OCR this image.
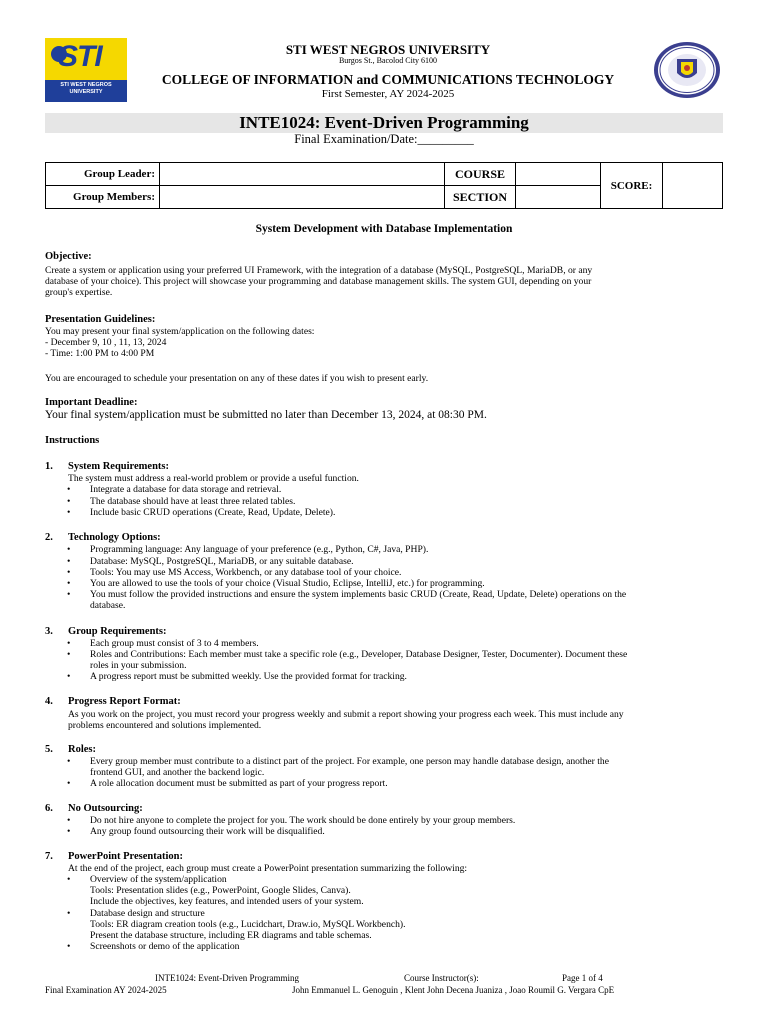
STI
STI WEST NEGROS UNIVERSITY
STI WEST NEGROS UNIVERSITY
Burgos St., Bacolod City 6100
COLLEGE OF INFORMATION and COMMUNICATIONS TECHNOLOGY
First Semester, AY 2024-2025
INTE1024: Event-Driven Programming
Final Examination/Date:_________
Group Leader:		COURSE		SCORE:	
Group Members:		SECTION			
System Development with Database Implementation
Objective:
Create a system or application using your preferred UI Framework, with the integration of a database (MySQL, PostgreSQL, MariaDB, or any
database of your choice). This project will showcase your programming and database management skills. The system GUI, depending on your
group's expertise.
Presentation Guidelines:
You may present your final system/application on the following dates:
- December 9, 10 , 11, 13, 2024
- Time: 1:00 PM to 4:00 PM
You are encouraged to schedule your presentation on any of these dates if you wish to present early.
Important Deadline:
Your final system/application must be submitted no later than December 13, 2024, at 08:30 PM.
Instructions
1. System Requirements:
The system must address a real-world problem or provide a useful function.
• Integrate a database for data storage and retrieval.
• The database should have at least three related tables.
• Include basic CRUD operations (Create, Read, Update, Delete).
2. Technology Options:
• Programming language: Any language of your preference (e.g., Python, C#, Java, PHP).
• Database: MySQL, PostgreSQL, MariaDB, or any suitable database.
• Tools: You may use MS Access, Workbench, or any database tool of your choice.
• You are allowed to use the tools of your choice (Visual Studio, Eclipse, IntelliJ, etc.) for programming.
• You must follow the provided instructions and ensure the system implements basic CRUD (Create, Read, Update, Delete) operations on the
database.
3. Group Requirements:
• Each group must consist of 3 to 4 members.
• Roles and Contributions: Each member must take a specific role (e.g., Developer, Database Designer, Tester, Documenter). Document these
roles in your submission.
• A progress report must be submitted weekly. Use the provided format for tracking.
4. Progress Report Format:
As you work on the project, you must record your progress weekly and submit a report showing your progress each week. This must include any
problems encountered and solutions implemented.
5. Roles:
• Every group member must contribute to a distinct part of the project. For example, one person may handle database design, another the
frontend GUI, and another the backend logic.
• A role allocation document must be submitted as part of your progress report.
6. No Outsourcing:
• Do not hire anyone to complete the project for you. The work should be done entirely by your group members.
• Any group found outsourcing their work will be disqualified.
7. PowerPoint Presentation:
At the end of the project, each group must create a PowerPoint presentation summarizing the following:
• Overview of the system/application
Tools: Presentation slides (e.g., PowerPoint, Google Slides, Canva).
Include the objectives, key features, and intended users of your system.
• Database design and structure
Tools: ER diagram creation tools (e.g., Lucidchart, Draw.io, MySQL Workbench).
Present the database structure, including ER diagrams and table schemas.
• Screenshots or demo of the application
INTE1024: Event-Driven Programming	Course Instructor(s):	Page 1 of 4
Final Examination AY 2024-2025	John Emmanuel L. Genoguin , Klent John Decena Juaniza , Joao Roumil G. Vergara CpE
